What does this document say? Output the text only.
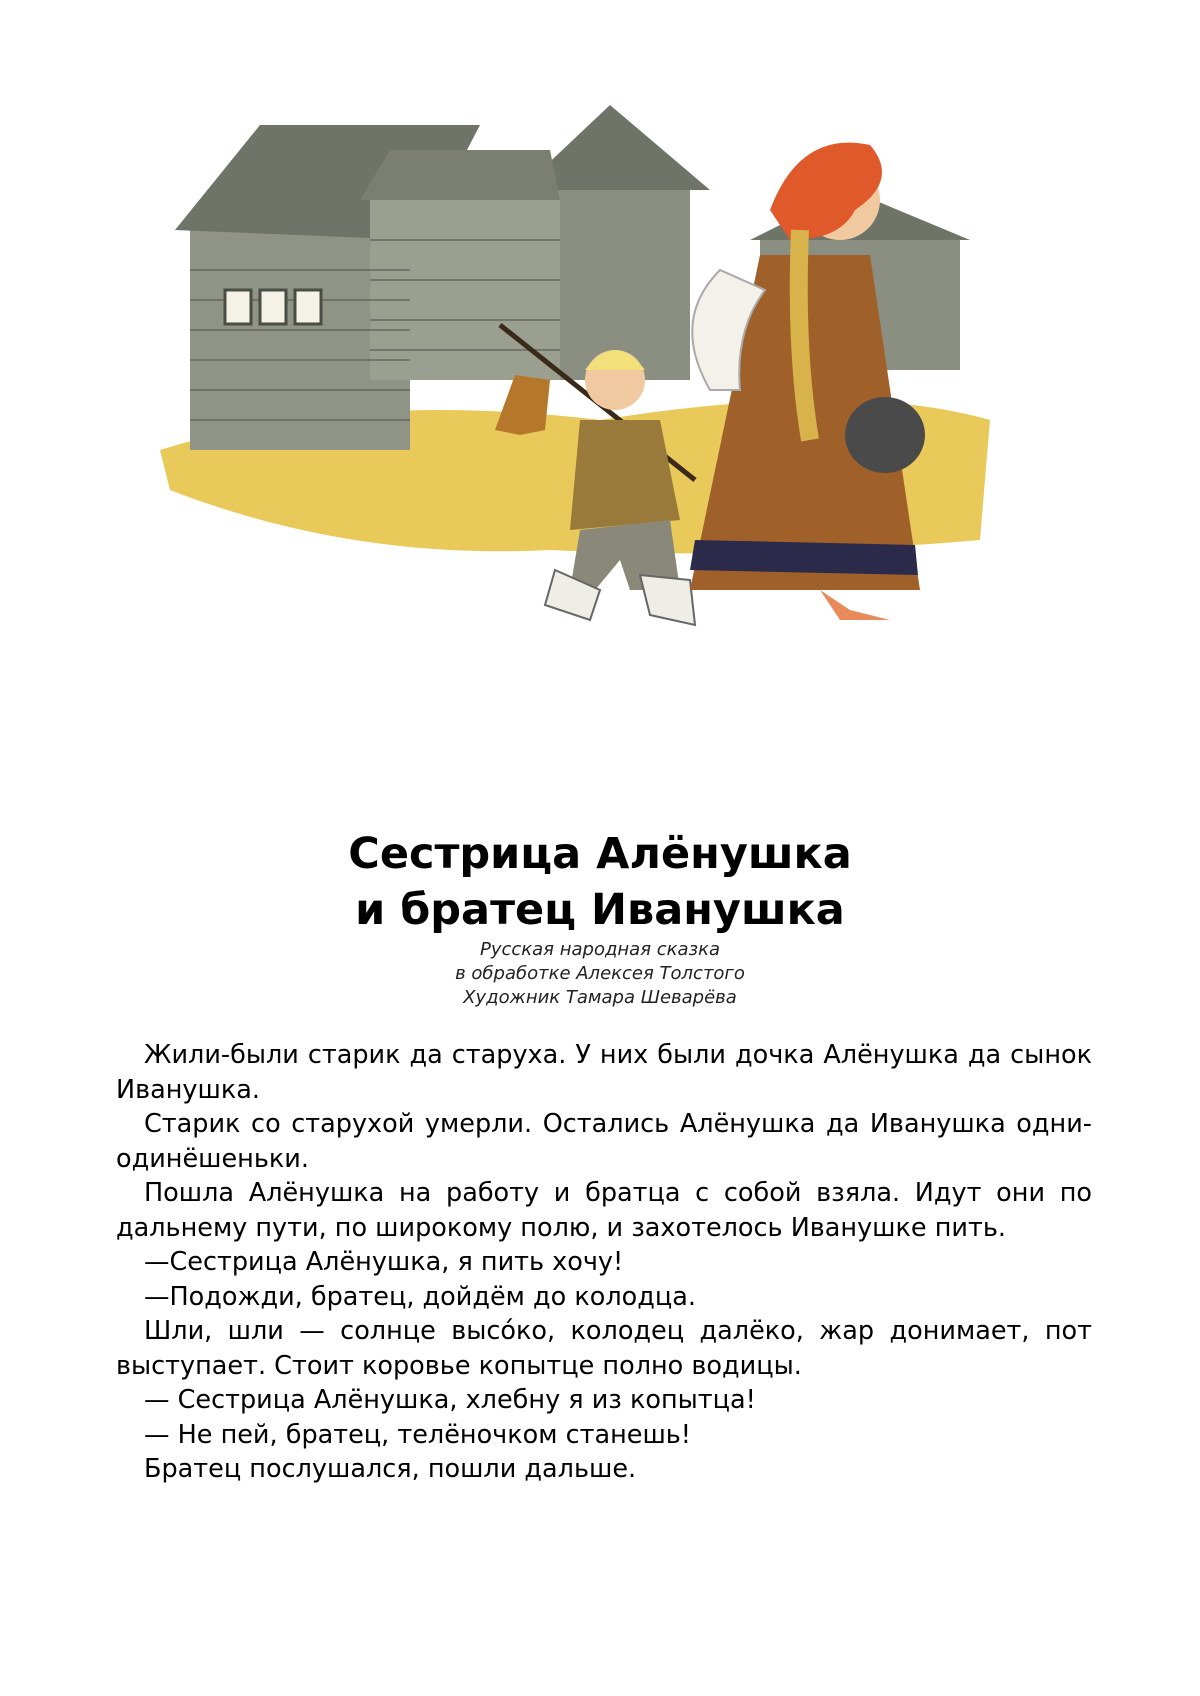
Сестрица Алёнушка
и братец Иванушка
Русская народная сказка
в обработке Алексея Толстого
Художник Тамара Шеварёва

Жили-были старик да старуха. У них были дочка Алёнушка да сынок Иванушка.

Старик со старухой умерли. Остались Алёнушка да Иванушка одни-одинёшеньки.

Пошла Алёнушка на работу и братца с собой взяла. Идут они по дальнему пути, по широкому полю, и захотелось Иванушке пить.

—Сестрица Алёнушка, я пить хочу!

—Подожди, братец, дойдём до колодца.

Шли, шли — солнце высóко, колодец далёко, жар донимает, пот выступает. Стоит коровье копытце полно водицы.

— Сестрица Алёнушка, хлебну я из копытца!

— Не пей, братец, телёночком станешь!

Братец послушался, пошли дальше.
